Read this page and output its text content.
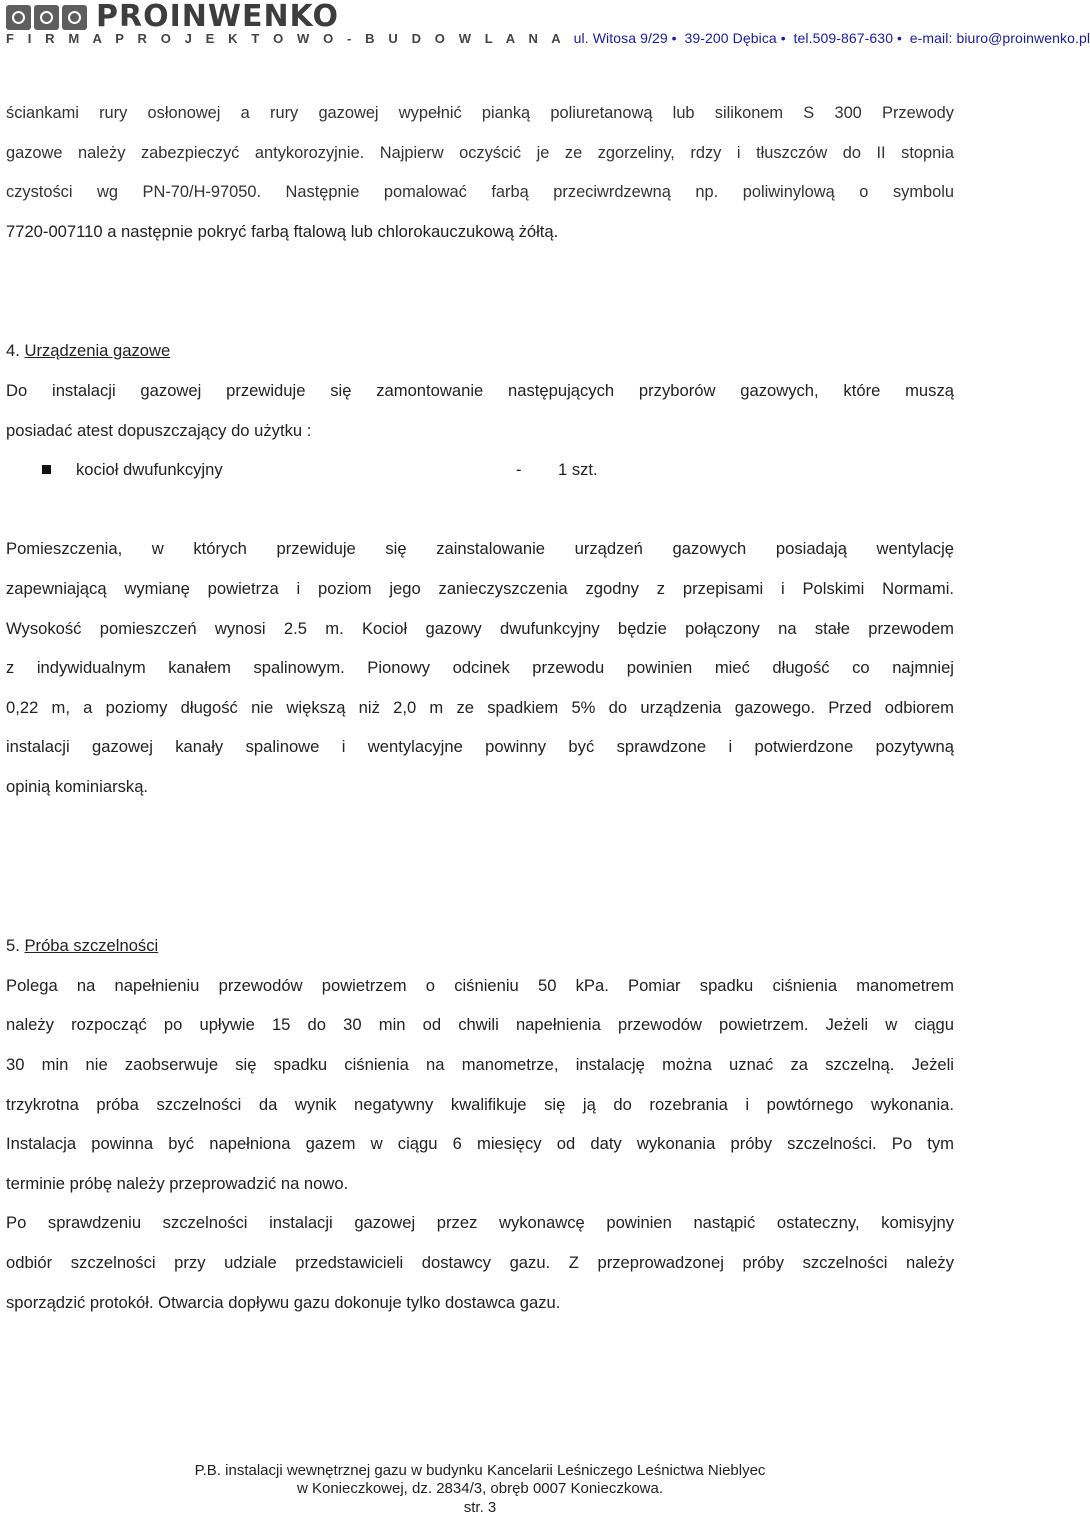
PROINWENKO
F I R M A P R O J E K T O W O - B U D O W L A N A ul. Witosa 9/29 • 39-200 Dębica • tel.509-867-630 • e-mail: biuro@proinwenko.pl
ściankami rury osłonowej a rury gazowej wypełnić pianką poliuretanową lub silikonem S 300 Przewody
gazowe należy zabezpieczyć antykorozyjnie. Najpierw oczyścić je ze zgorzeliny, rdzy i tłuszczów do II stopnia
czystości wg PN-70/H-97050. Następnie pomalować farbą przeciwrdzewną np. poliwinylową o symbolu
7720-007110 a następnie pokryć farbą ftalową lub chlorokauczukową żółtą.
4. Urządzenia gazowe
Do instalacji gazowej przewiduje się zamontowanie następujących przyborów gazowych, które muszą
posiadać atest dopuszczający do użytku :
kocioł dwufunkcyjny	-	1 szt.
Pomieszczenia, w których przewiduje się zainstalowanie urządzeń gazowych posiadają wentylację
zapewniającą wymianę powietrza i poziom jego zanieczyszczenia zgodny z przepisami i Polskimi Normami.
Wysokość pomieszczeń wynosi 2.5 m. Kocioł gazowy dwufunkcyjny będzie połączony na stałe przewodem
z indywidualnym kanałem spalinowym. Pionowy odcinek przewodu powinien mieć długość co najmniej
0,22 m, a poziomy długość nie większą niż 2,0 m ze spadkiem 5% do urządzenia gazowego. Przed odbiorem
instalacji gazowej kanały spalinowe i wentylacyjne powinny być sprawdzone i potwierdzone pozytywną
opinią kominiarską.
5. Próba szczelności
Polega na napełnieniu przewodów powietrzem o ciśnieniu 50 kPa. Pomiar spadku ciśnienia manometrem
należy rozpocząć po upływie 15 do 30 min od chwili napełnienia przewodów powietrzem. Jeżeli w ciągu
30 min nie zaobserwuje się spadku ciśnienia na manometrze, instalację można uznać za szczelną. Jeżeli
trzykrotna próba szczelności da wynik negatywny kwalifikuje się ją do rozebrania i powtórnego wykonania.
Instalacja powinna być napełniona gazem w ciągu 6 miesięcy od daty wykonania próby szczelności. Po tym
terminie próbę należy przeprowadzić na nowo.
Po sprawdzeniu szczelności instalacji gazowej przez wykonawcę powinien nastąpić ostateczny, komisyjny
odbiór szczelności przy udziale przedstawicieli dostawcy gazu. Z przeprowadzonej próby szczelności należy
sporządzić protokół. Otwarcia dopływu gazu dokonuje tylko dostawca gazu.
P.B. instalacji wewnętrznej gazu w budynku Kancelarii Leśniczego Leśnictwa Nieblyec
w Konieczkowej, dz. 2834/3, obręb 0007 Konieczkowa.
str. 3
